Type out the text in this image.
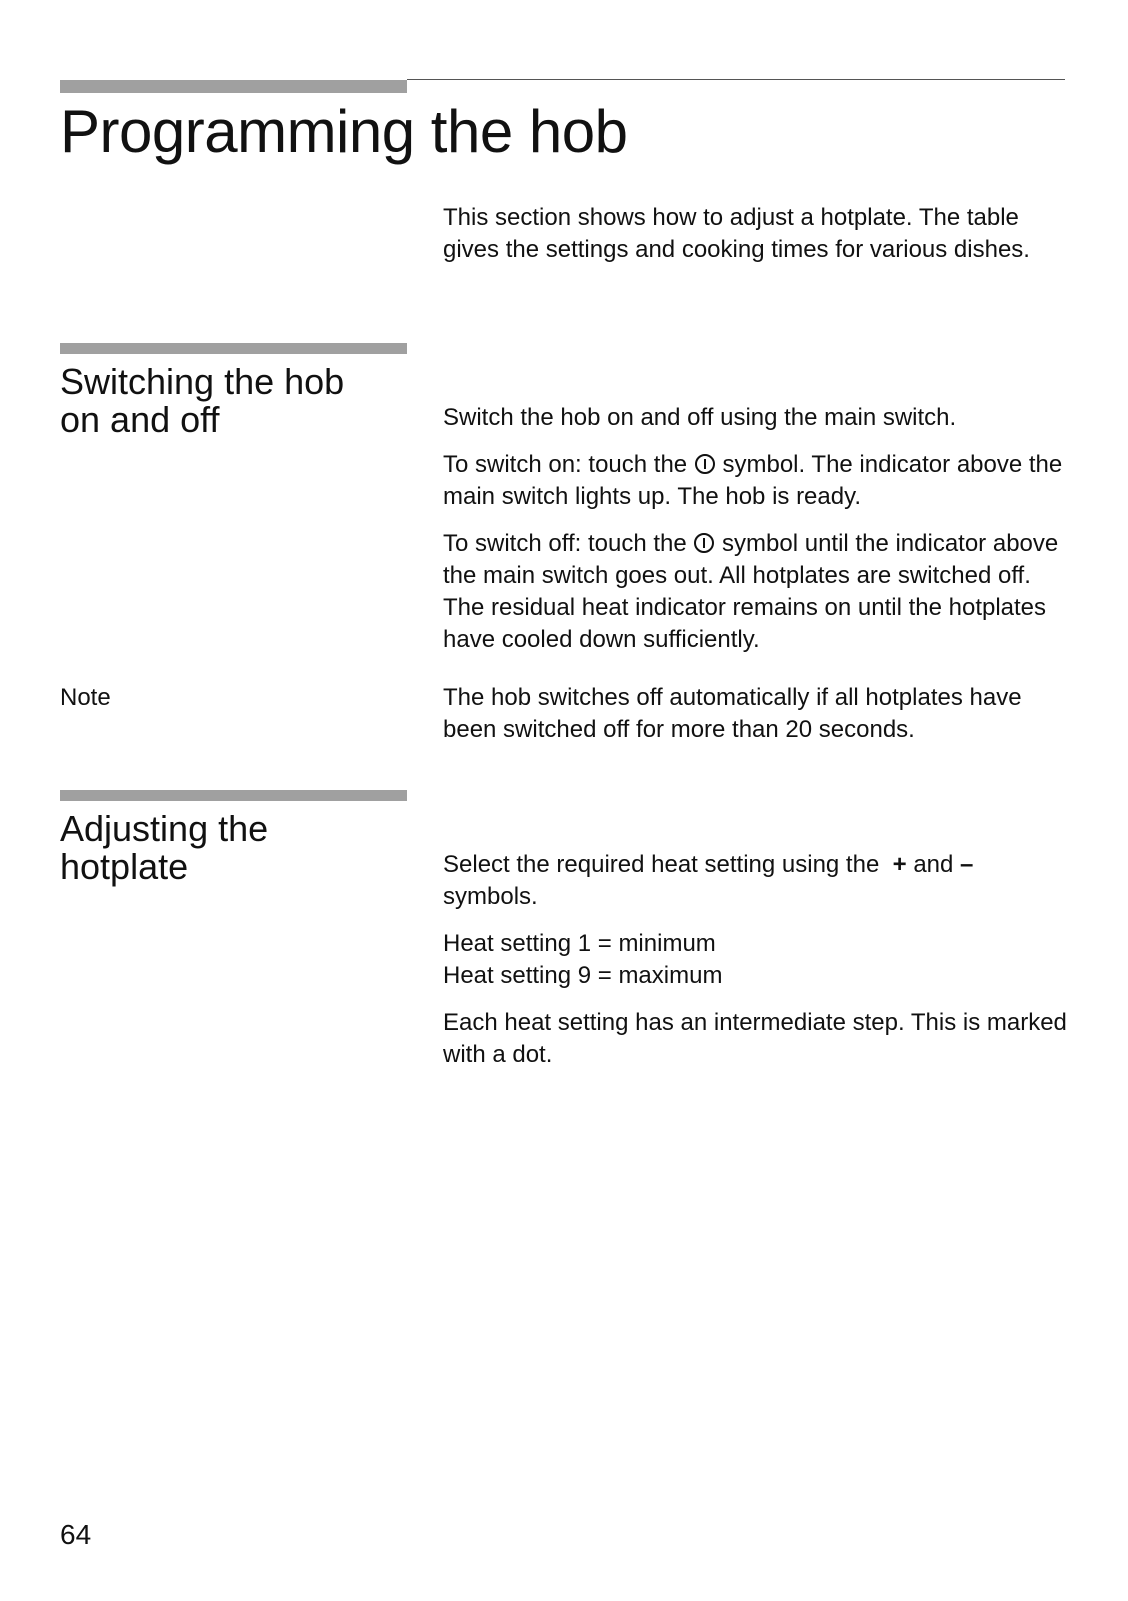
Programming the hob

This section shows how to adjust a hotplate. The table gives the settings and cooking times for various dishes.

Switching the hob
on and off	Switch the hob on and off using the main switch.

To switch on: touch the symbol. The indicator above the main switch lights up. The hob is ready.

To switch off: touch the symbol until the indicator above the main switch goes out. All hotplates are switched off. The residual heat indicator remains on until the hotplates have cooled down sufficiently.

Note	The hob switches off automatically if all hotplates have been switched off for more than 20 seconds.

Adjusting the
hotplate	Select the required heat setting using the + and – symbols.

Heat setting 1 = minimum
Heat setting 9 = maximum

Each heat setting has an intermediate step. This is marked with a dot.

64
